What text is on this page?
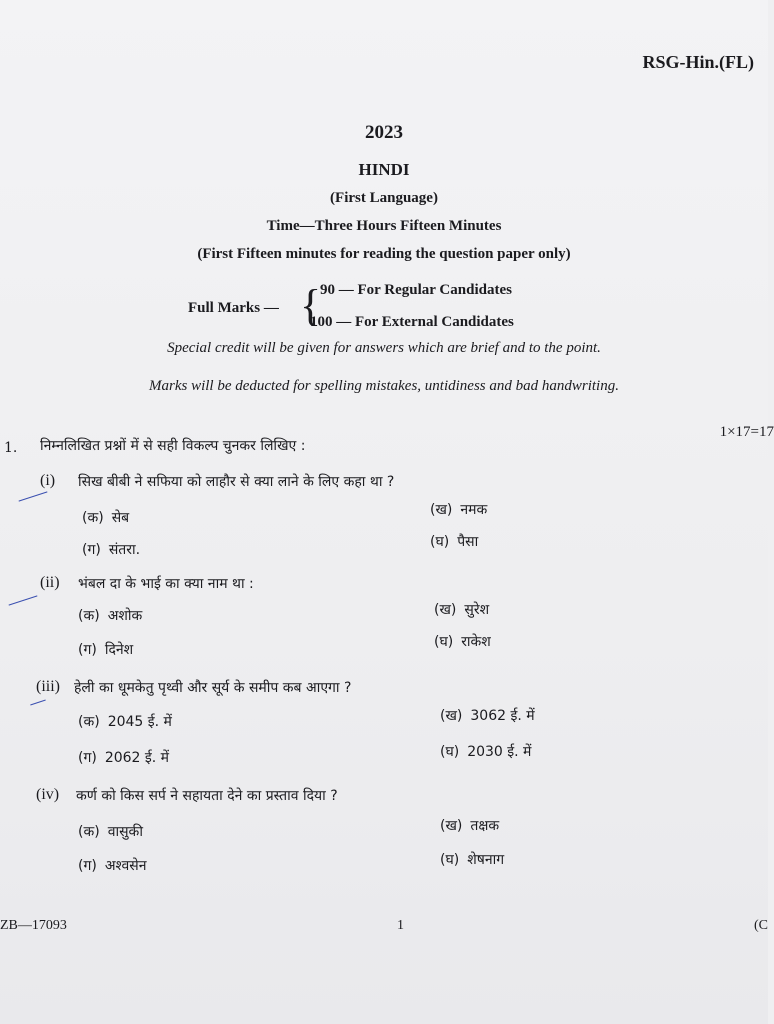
RSG-Hin.(FL)
2023
HINDI
(First Language)
Time—Three Hours Fifteen Minutes
(First Fifteen minutes for reading the question paper only)
Full Marks — {
90 — For Regular Candidates
100 — For External Candidates
Special credit will be given for answers which are brief and to the point.
Marks will be deducted for spelling mistakes, untidiness and bad handwriting.
1. निम्नलिखित प्रश्नों में से सही विकल्प चुनकर लिखिए :
1×17=17
(i) सिख बीबी ने सफिया को लाहौर से क्या लाने के लिए कहा था ?
(क) सेब	(ख) नमक
(ग) संतरा.	(घ) पैसा
(ii) भंबल दा के भाई का क्या नाम था :
(क) अशोक	(ख) सुरेश
(ग) दिनेश	(घ) राकेश
(iii) हेली का धूमकेतु पृथ्वी और सूर्य के समीप कब आएगा ?
(क) 2045 ई. में	(ख) 3062 ई. में
(ग) 2062 ई. में	(घ) 2030 ई. में
(iv) कर्ण को किस सर्प ने सहायता देने का प्रस्ताव दिया ?
(क) वासुकी	(ख) तक्षक
(ग) अश्वसेन	(घ) शेषनाग
ZB—17093	1	(C
